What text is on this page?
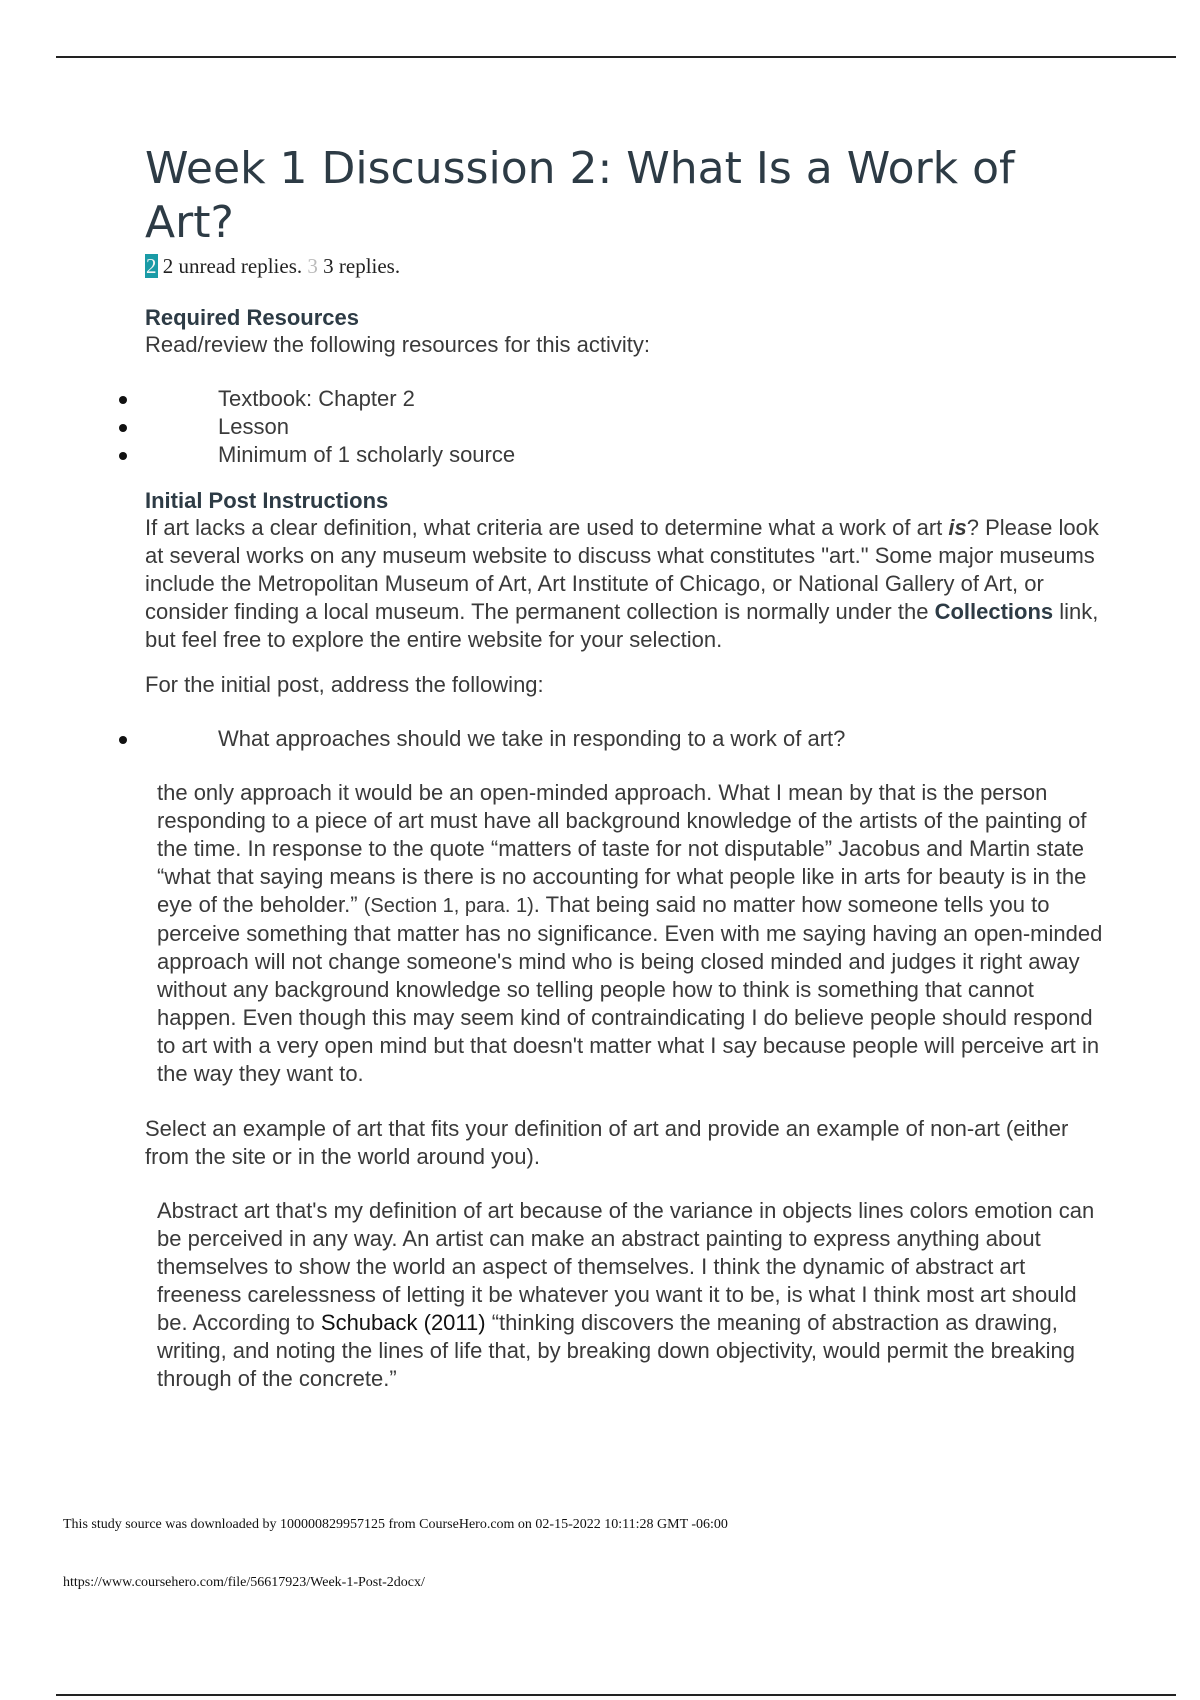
Week 1 Discussion 2: What Is a Work of Art?
2 2 unread replies. 3 3 replies.
Required Resources

Read/review the following resources for this activity:

Textbook: Chapter 2
Lesson
Minimum of 1 scholarly source
Initial Post Instructions

If art lacks a clear definition, what criteria are used to determine what a work of art is? Please look at several works on any museum website to discuss what constitutes "art." Some major museums include the Metropolitan Museum of Art, Art Institute of Chicago, or National Gallery of Art, or consider finding a local museum. The permanent collection is normally under the Collections link, but feel free to explore the entire website for your selection.

For the initial post, address the following:

What approaches should we take in responding to a work of art?
the only approach it would be an open-minded approach. What I mean by that is the person responding to a piece of art must have all background knowledge of the artists of the painting of the time. In response to the quote “matters of taste for not disputable” Jacobus and Martin state “what that saying means is there is no accounting for what people like in arts for beauty is in the eye of the beholder.” (Section 1, para. 1). That being said no matter how someone tells you to perceive something that matter has no significance. Even with me saying having an open-minded approach will not change someone's mind who is being closed minded and judges it right away without any background knowledge so telling people how to think is something that cannot happen. Even though this may seem kind of contraindicating I do believe people should respond to art with a very open mind but that doesn't matter what I say because people will perceive art in the way they want to.

Select an example of art that fits your definition of art and provide an example of non-art (either from the site or in the world around you).

Abstract art that's my definition of art because of the variance in objects lines colors emotion can be perceived in any way. An artist can make an abstract painting to express anything about themselves to show the world an aspect of themselves. I think the dynamic of abstract art freeness carelessness of letting it be whatever you want it to be, is what I think most art should be. According to Schuback (2011) “thinking discovers the meaning of abstraction as drawing, writing, and noting the lines of life that, by breaking down objectivity, would permit the breaking through of the concrete.”
This study source was downloaded by 100000829957125 from CourseHero.com on 02-15-2022 10:11:28 GMT -06:00
https://www.coursehero.com/file/56617923/Week-1-Post-2docx/
